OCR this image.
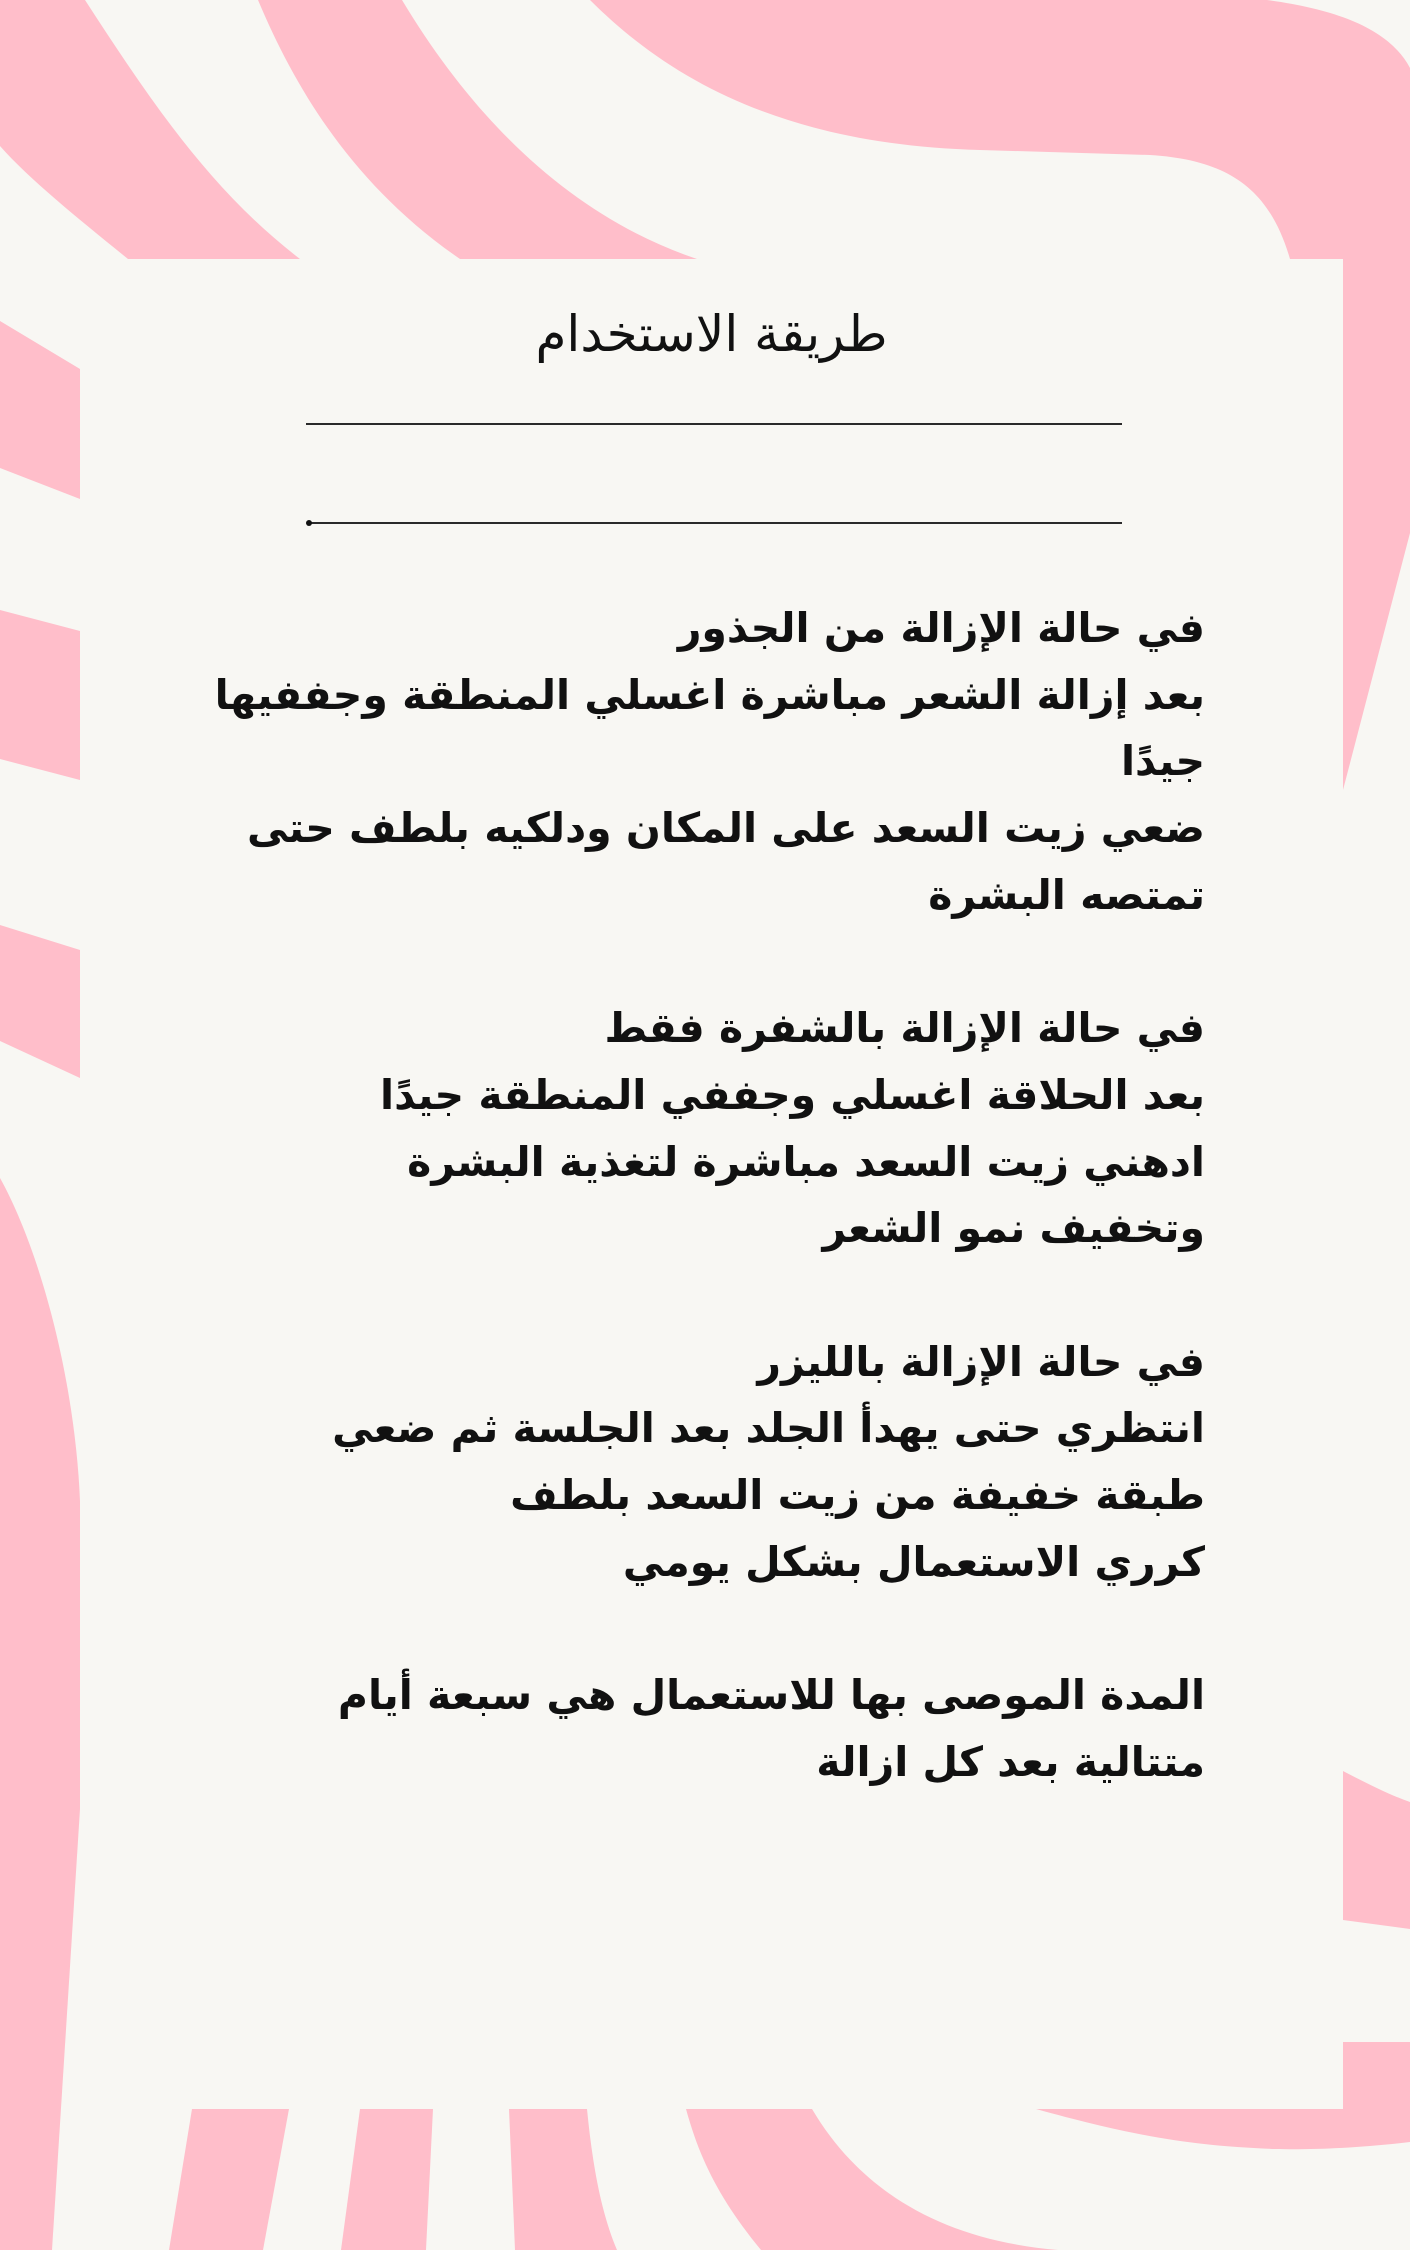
طريقة الاستخدام

في حالة الإزالة من الجذور

بعد إزالة الشعر مباشرة اغسلي المنطقة وجففيها

جيدًا

ضعي زيت السعد على المكان ودلكيه بلطف حتى

تمتصه البشرة

في حالة الإزالة بالشفرة فقط

بعد الحلاقة اغسلي وجففي المنطقة جيدًا

ادهني زيت السعد مباشرة لتغذية البشرة

وتخفيف نمو الشعر

في حالة الإزالة بالليزر

انتظري حتى يهدأ الجلد بعد الجلسة ثم ضعي

طبقة خفيفة من زيت السعد بلطف

كرري الاستعمال بشكل يومي

المدة الموصى بها للاستعمال هي سبعة أيام

متتالية بعد كل ازالة
